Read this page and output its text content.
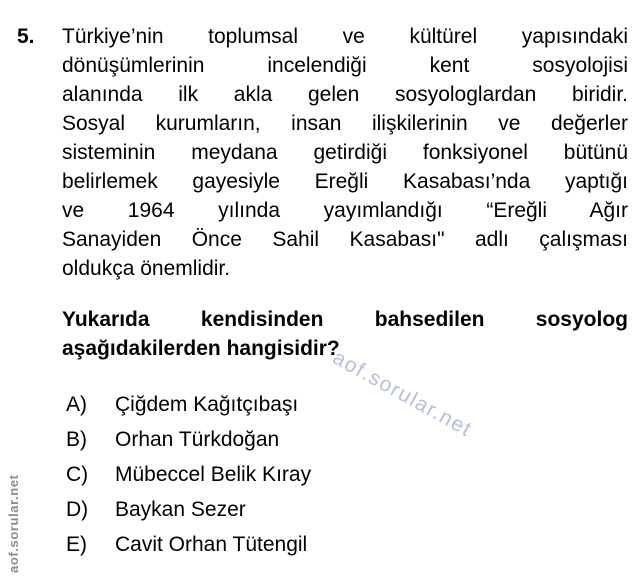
aof.sorular.net
aof.sorular.net
5. Türkiye’nin toplumsal ve kültürel yapısındaki
dönüşümlerinin incelendiği kent sosyolojisi
alanında ilk akla gelen sosyologlardan biridir.
Sosyal kurumların, insan ilişkilerinin ve değerler
sisteminin meydana getirdiği fonksiyonel bütünü
belirlemek gayesiyle Ereğli Kasabası’nda yaptığı
ve 1964 yılında yayımlandığı “Ereğli Ağır
Sanayiden Önce Sahil Kasabası" adlı çalışması
oldukça önemlidir.
Yukarıda kendisinden bahsedilen sosyolog
aşağıdakilerden hangisidir?
A)	Çiğdem Kağıtçıbaşı
B)	Orhan Türkdoğan
C)	Mübeccel Belik Kıray
D)	Baykan Sezer
E)	Cavit Orhan Tütengil
